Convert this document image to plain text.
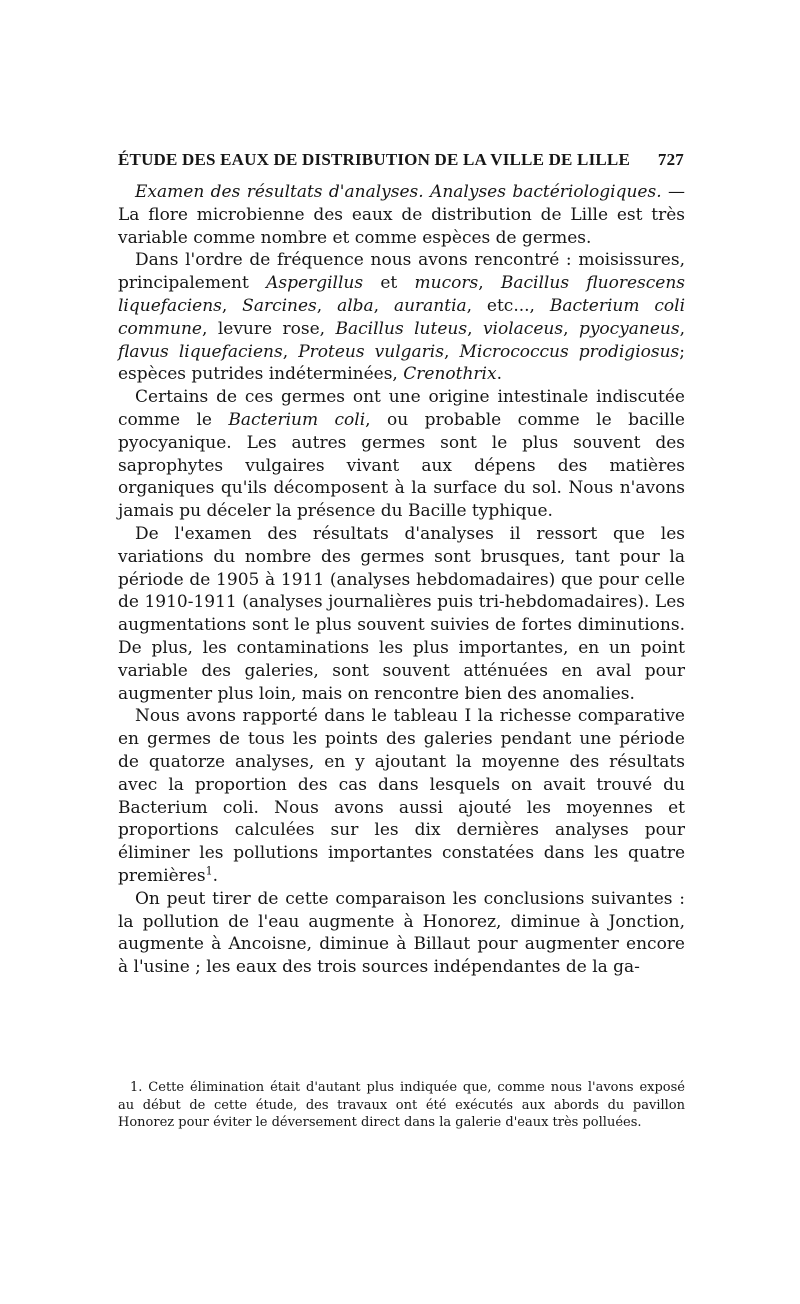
ÉTUDE DES EAUX DE DISTRIBUTION DE LA VILLE DE LILLE 727

Examen des résultats d'analyses. Analyses bactériologiques. — La flore microbienne des eaux de distribution de Lille est très variable comme nombre et comme espèces de germes.

Dans l'ordre de fréquence nous avons rencontré : moisissures, principalement Aspergillus et mucors, Bacillus fluorescens liquefaciens, Sarcines, alba, aurantia, etc..., Bacterium coli commune, levure rose, Bacillus luteus, violaceus, pyocyaneus, flavus liquefaciens, Proteus vulgaris, Micrococcus prodigiosus; espèces putrides indéterminées, Crenothrix.

Certains de ces germes ont une origine intestinale indiscutée comme le Bacterium coli, ou probable comme le bacille pyocyanique. Les autres germes sont le plus souvent des saprophytes vulgaires vivant aux dépens des matières organiques qu'ils décomposent à la surface du sol. Nous n'avons jamais pu déceler la présence du Bacille typhique.

De l'examen des résultats d'analyses il ressort que les variations du nombre des germes sont brusques, tant pour la période de 1905 à 1911 (analyses hebdomadaires) que pour celle de 1910-1911 (analyses journalières puis tri-hebdomadaires). Les augmentations sont le plus souvent suivies de fortes diminutions. De plus, les contaminations les plus importantes, en un point variable des galeries, sont souvent atténuées en aval pour augmenter plus loin, mais on rencontre bien des anomalies.

Nous avons rapporté dans le tableau I la richesse comparative en germes de tous les points des galeries pendant une période de quatorze analyses, en y ajoutant la moyenne des résultats avec la proportion des cas dans lesquels on avait trouvé du Bacterium coli. Nous avons aussi ajouté les moyennes et proportions calculées sur les dix dernières analyses pour éliminer les pollutions importantes constatées dans les quatre premières$^1$.

On peut tirer de cette comparaison les conclusions suivantes : la pollution de l'eau augmente à Honorez, diminue à Jonction, augmente à Ancoisne, diminue à Billaut pour augmenter encore à l'usine ; les eaux des trois sources indépendantes de la ga-

1. Cette élimination était d'autant plus indiquée que, comme nous l'avons exposé au début de cette étude, des travaux ont été exécutés aux abords du pavillon Honorez pour éviter le déversement direct dans la galerie d'eaux très polluées.
